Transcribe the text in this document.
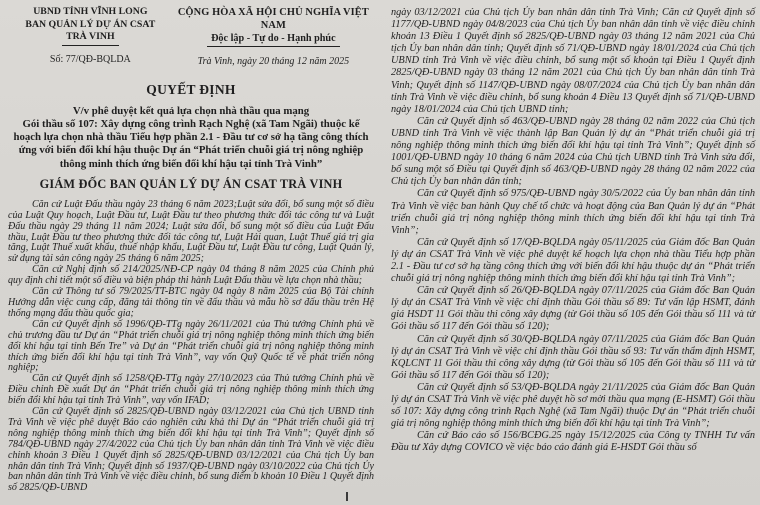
UBND TỈNH VĨNH LONG
BAN QUẢN LÝ DỰ ÁN CSAT
TRÀ VINH
Số: 77/QĐ-BQLDA
CỘNG HÒA XÃ HỘI CHỦ NGHĨA VIỆT NAM
Độc lập - Tự do - Hạnh phúc
Trà Vinh, ngày 20 tháng 12 năm 2025
QUYẾT ĐỊNH
V/v phê duyệt kết quả lựa chọn nhà thầu qua mạng
Gói thầu số 107: Xây dựng công trình Rạch Nghệ (xã Tam Ngãi) thuộc kế hoạch lựa chọn nhà thầu Tiểu hợp phần 2.1 - Đầu tư cơ sở hạ tầng công thích ứng với biến đổi khí hậu thuộc Dự án “Phát triển chuỗi giá trị nông nghiệp thông minh thích ứng biến đổi khí hậu tại tỉnh Trà Vinh”
GIÁM ĐỐC BAN QUẢN LÝ DỰ ÁN CSAT TRÀ VINH

Căn cứ Luật Đấu thầu ngày 23 tháng 6 năm 2023;Luật sửa đổi, bổ sung một số điều của Luật Quy hoạch, Luật Đầu tư, Luật Đầu tư theo phương thức đối tác công tư và Luật Đấu thầu ngày 29 tháng 11 năm 2024; Luật sửa đổi, bổ sung một số điều của Luật Đấu thầu, Luật Đầu tư theo phương thức đối tác công tư, Luật Hải quan, Luật Thuế giá trị gia tăng, Luật Thuế xuất khẩu, thuế nhập khẩu, Luật Đầu tư, Luật Đầu tư công, Luật Quản lý, sử dụng tài sản công ngày 25 tháng 6 năm 2025;

Căn cứ Nghị định số 214/2025/NĐ-CP ngày 04 tháng 8 năm 2025 của Chính phủ quy định chi tiết một số điều và biện pháp thi hành Luật Đấu thầu về lựa chọn nhà thầu;

Căn cứ Thông tư số 79/2025/TT-BTC ngày 04 ngày 8 năm 2025 của Bộ Tài chính Hướng dẫn việc cung cấp, đăng tải thông tin về đấu thầu và mẫu hồ sơ đấu thầu trên Hệ thống mạng đấu thầu quốc gia;

Căn cứ Quyết định số 1996/QĐ-TTg ngày 26/11/2021 của Thủ tướng Chính phủ về chủ trương đầu tư Dự án “Phát triển chuỗi giá trị nông nghiệp thông minh thích ứng biến đổi khí hậu tại tỉnh Bến Tre” và Dự án “Phát triển chuỗi giá trị nông nghiệp thông minh thích ứng biến đổi khí hậu tại tỉnh Trà Vinh”, vay vốn Quỹ Quốc tế về phát triển nông nghiệp;

Căn cứ Quyết định số 1258/QĐ-TTg ngày 27/10/2023 của Thủ tướng Chính phủ về Điều chỉnh Đề xuất Dự án “Phát triển chuỗi giá trị nông nghiệp thông minh thích ứng biến đổi khí hậu tại tỉnh Trà Vinh”, vay vốn IFAD;

Căn cứ Quyết định số 2825/QĐ-UBND ngày 03/12/2021 của Chủ tịch UBND tỉnh Trà Vinh về việc phê duyệt Báo cáo nghiên cứu khả thi Dự án “Phát triển chuỗi giá trị nông nghiệp thông minh thích ứng biến đổi khí hậu tại tỉnh Trà Vinh”; Quyết định số 784/QĐ-UBND ngày 27/4/2022 của Chủ tịch Ủy ban nhân dân tỉnh Trà Vinh về việc điều chỉnh khoản 3 Điều 1 Quyết định số 2825/QĐ-UBND 03/12/2021 của Chủ tịch Ủy ban nhân dân tỉnh Trà Vinh; Quyết định số 1937/QĐ-UBND ngày 03/10/2022 của Chủ tịch Ủy ban nhân dân tỉnh Trà Vinh về việc điều chỉnh, bổ sung điểm b khoản 10 Điều 1 Quyết định số 2825/QĐ-UBND

ngày 03/12/2021 của Chủ tịch Ủy ban nhân dân tỉnh Trà Vinh; Căn cứ Quyết định số 1177/QĐ-UBND ngày 04/8/2023 của Chủ tịch Ủy ban nhân dân tỉnh về việc điều chỉnh khoản 13 Điều 1 Quyết định số 2825/QĐ-UBND ngày 03 tháng 12 năm 2021 của Chủ tịch Ủy ban nhân dân tỉnh; Quyết định số 71/QĐ-UBND ngày 18/01/2024 của Chủ tịch UBND tỉnh Trà Vinh về việc điều chỉnh, bổ sung một số khoản tại Điều 1 Quyết định 2825/QĐ-UBND ngày 03 tháng 12 năm 2021 của Chủ tịch Ủy ban nhân dân tỉnh Trà Vinh; Quyết định số 1147/QĐ-UBND ngày 08/07/2024 của Chủ tịch Ủy ban nhân dân tỉnh Trà Vinh về việc điều chỉnh, bổ sung khoản 4 Điều 13 Quyết định số 71/QĐ-UBND ngày 18/01/2024 của Chủ tịch UBND tỉnh;

Căn cứ Quyết định số 463/QĐ-UBND ngày 28 tháng 02 năm 2022 của Chủ tịch UBND tỉnh Trà Vinh về việc thành lập Ban Quản lý dự án “Phát triển chuỗi giá trị nông nghiệp thông minh thích ứng biến đổi khí hậu tại tỉnh Trà Vinh”; Quyết định số 1001/QĐ-UBND ngày 10 tháng 6 năm 2024 của Chủ tịch UBND tỉnh Trà Vinh sửa đổi, bổ sung một số Điều tại Quyết định số 463/QĐ-UBND ngày 28 tháng 02 năm 2022 của Chủ tịch Ủy ban nhân dân tỉnh;

Căn cứ Quyết định số 975/QĐ-UBND ngày 30/5/2022 của Ủy ban nhân dân tỉnh Trà Vinh về việc ban hành Quy chế tổ chức và hoạt động của Ban Quản lý dự án “Phát triển chuỗi giá trị nông nghiệp thông minh thích ứng biến đổi khí hậu tại tỉnh Trà Vinh”;

Căn cứ Quyết định số 17/QĐ-BQLDA ngày 05/11/2025 của Giám đốc Ban Quản lý dự án CSAT Trà Vinh về việc phê duyệt kế hoạch lựa chọn nhà thầu Tiểu hợp phần 2.1 - Đầu tư cơ sở hạ tầng công thích ứng với biến đổi khí hậu thuộc dự án “Phát triển chuỗi giá trị nông nghiệp thông minh thích ứng biến đổi khí hậu tại tỉnh Trà Vinh”;

Căn cứ Quyết định số 26/QĐ-BQLDA ngày 07/11/2025 của Giám đốc Ban Quản lý dự án CSAT Trà Vinh về việc chỉ định thầu Gói thầu số 89: Tư vấn lập HSMT, đánh giá HSDT 11 Gói thầu thi công xây dựng (từ Gói thầu số 105 đến Gói thầu số 111 và từ Gói thầu số 117 đến Gói thầu số 120);

Căn cứ Quyết định số 30/QĐ-BQLDA ngày 07/11/2025 của Giám đốc Ban Quản lý dự án CSAT Trà Vinh về việc chỉ định thầu Gói thầu số 93: Tư vấn thẩm định HSMT, KQLCNT 11 Gói thầu thi công xây dựng (từ Gói thầu số 105 đến Gói thầu số 111 và từ Gói thầu số 117 đến Gói thầu số 120);

Căn cứ Quyết định số 53/QĐ-BQLDA ngày 21/11/2025 của Giám đốc Ban Quản lý dự án CSAT Trà Vinh về việc phê duyệt hồ sơ mời thầu qua mạng (E-HSMT) Gói thầu số 107: Xây dựng công trình Rạch Nghệ (xã Tam Ngãi) thuộc Dự án “Phát triển chuỗi giá trị nông nghiệp thông minh thích ứng biến đổi khí hậu tại tỉnh Trà Vinh”;

Căn cứ Báo cáo số 156/BCĐG.25 ngày 15/12/2025 của Công ty TNHH Tư vấn Đầu tư Xây dựng COVICO về việc báo cáo đánh giá E-HSDT Gói thầu số
